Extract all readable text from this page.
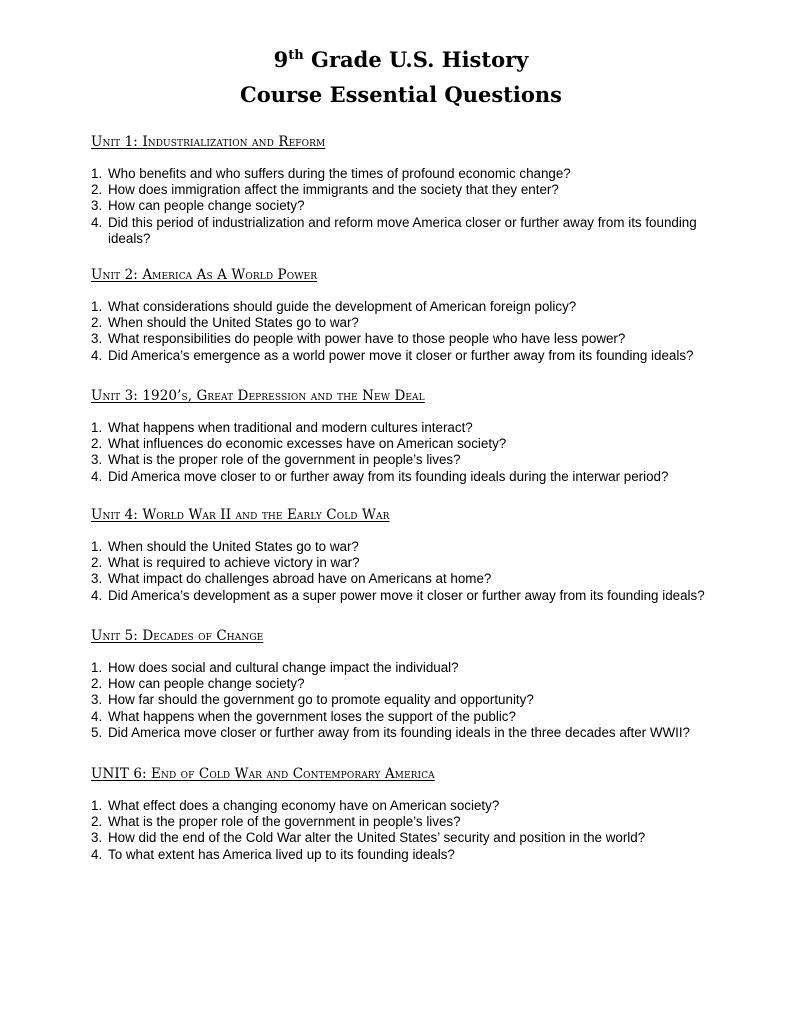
9th Grade U.S. History
Course Essential Questions
Unit 1: Industrialization and Reform
1. Who benefits and who suffers during the times of profound economic change?
2. How does immigration affect the immigrants and the society that they enter?
3. How can people change society?
4. Did this period of industrialization and reform move America closer or further away from its founding ideals?
Unit 2: America As A World Power
1. What considerations should guide the development of American foreign policy?
2. When should the United States go to war?
3. What responsibilities do people with power have to those people who have less power?
4. Did America’s emergence as a world power move it closer or further away from its founding ideals?
Unit 3: 1920’s, Great Depression and the New Deal
1. What happens when traditional and modern cultures interact?
2. What influences do economic excesses have on American society?
3. What is the proper role of the government in people’s lives?
4. Did America move closer to or further away from its founding ideals during the interwar period?
Unit 4: World War II and the Early Cold War
1. When should the United States go to war?
2. What is required to achieve victory in war?
3. What impact do challenges abroad have on Americans at home?
4. Did America’s development as a super power move it closer or further away from its founding ideals?
Unit 5: Decades of Change
1. How does social and cultural change impact the individual?
2. How can people change society?
3. How far should the government go to promote equality and opportunity?
4. What happens when the government loses the support of the public?
5. Did America move closer or further away from its founding ideals in the three decades after WWII?
UNIT 6: End of Cold War and Contemporary America
1. What effect does a changing economy have on American society?
2. What is the proper role of the government in people’s lives?
3. How did the end of the Cold War alter the United States’ security and position in the world?
4. To what extent has America lived up to its founding ideals?
